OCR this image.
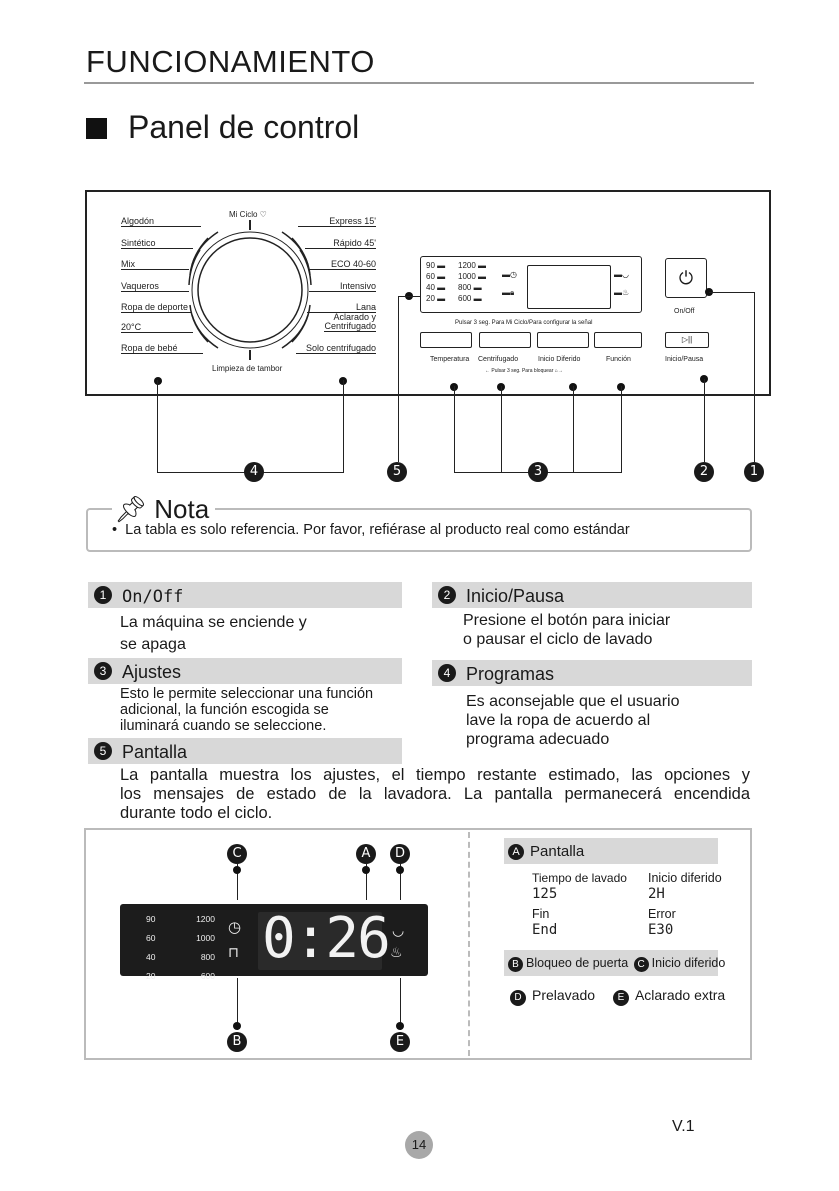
FUNCIONAMIENTO
Panel de control
Mi Ciclo ♡
Limpieza de tambor
Algodón
Sintético
Mix
Vaqueros
Ropa de deporte
20°C
Ropa de bebé
Express 15'
Rápido 45'
ECO 40-60
Intensivo
Lana
Aclarado y
Centrifugado
Solo centrifugado
90 ▬
60 ▬
40 ▬
20 ▬
1200 ▬
1000 ▬
800 ▬
600 ▬
▬◷
▬🔒︎
▬◡
▬♨
Pulsar 3 seg. Para Mi Ciclo/Para configurar la señal
▷||
Temperatura Centrifugado	Inicio Diferido	Función
← Pulsar 3 seg. Para bloquear ⌂→
Inicio/Pausa
⏻
On/Off
4	5	3	2	1
📌︎ Nota
•  La tabla es solo referencia. Por favor, refiérase al producto real como estándar
1 On/Off
La máquina se enciende y
se apaga
2 Inicio/Pausa
Presione el botón para iniciar
o pausar el ciclo de lavado
3 Ajustes
Esto le permite seleccionar una función
adicional, la función escogida se
iluminará cuando se seleccione.
4 Programas
Es aconsejable que el usuario
lave la ropa de acuerdo al
programa adecuado
5 Pantalla
La pantalla muestra los ajustes, el tiempo restante estimado, las opciones y
los mensajes de estado de la lavadora. La pantalla permanecerá encendida
durante todo el ciclo.
C	A	D
90
60
40
20
1200
1000
800
600
◷
⊓ 0:26 ◡
♨
B	E
A Pantalla
Tiempo de lavado
125
Inicio diferido
2H
Fin
End
Error
E30
B Bloqueo de puerta C Inicio diferido
D Prelavado E Aclarado extra
V.1
14
